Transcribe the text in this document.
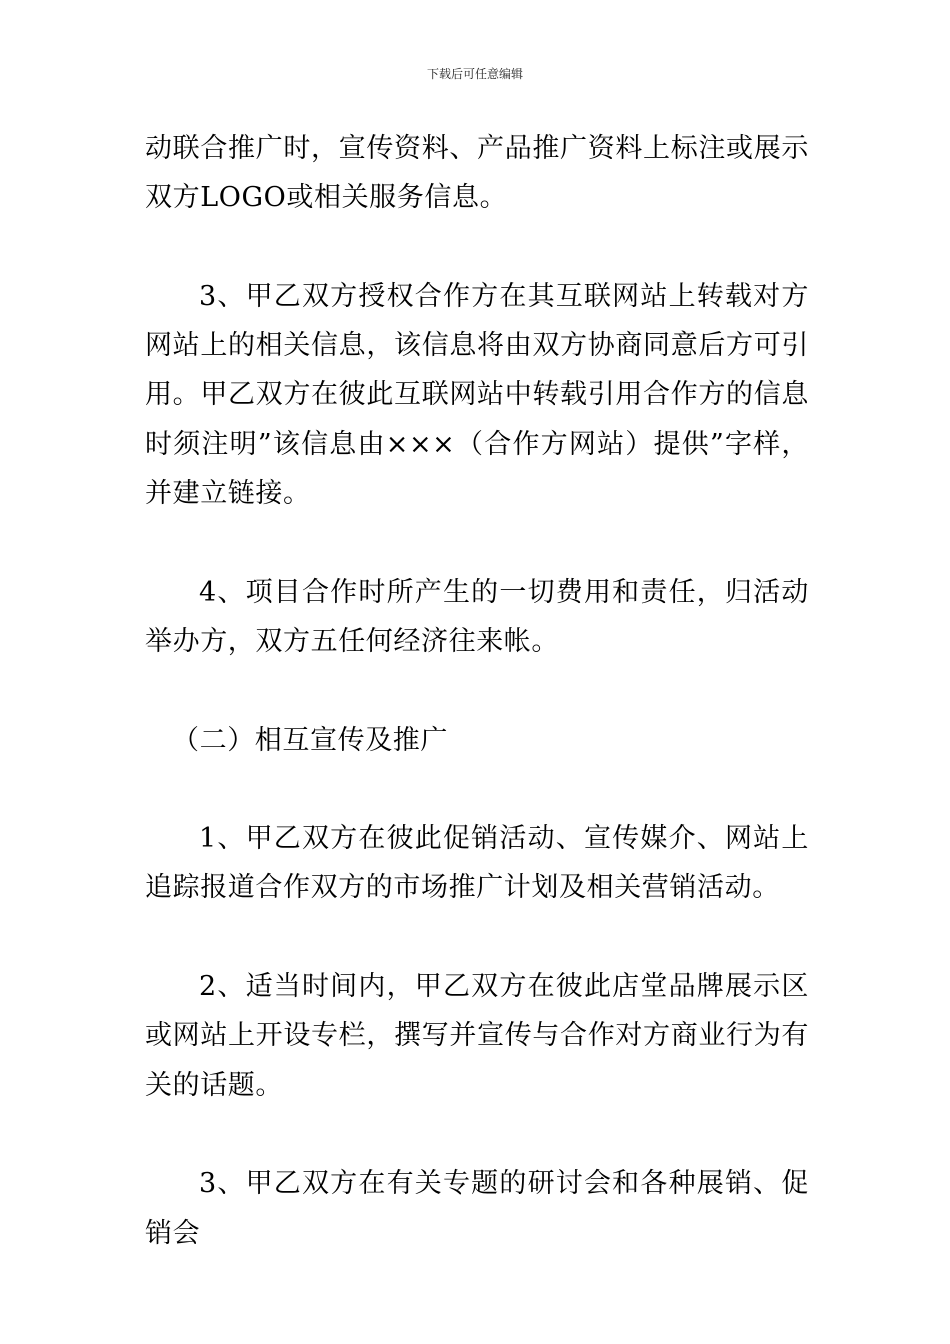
下载后可任意编辑

动联合推广时，宣传资料、产品推广资料上标注或展示双方LOGO或相关服务信息。

3、甲乙双方授权合作方在其互联网站上转载对方网站上的相关信息，该信息将由双方协商同意后方可引用。甲乙双方在彼此互联网站中转载引用合作方的信息时须注明”该信息由×××（合作方网站）提供”字样，并建立链接。

4、项目合作时所产生的一切费用和责任，归活动举办方，双方五任何经济往来帐。

（二）相互宣传及推广

1、甲乙双方在彼此促销活动、宣传媒介、网站上追踪报道合作双方的市场推广计划及相关营销活动。

2、适当时间内，甲乙双方在彼此店堂品牌展示区或网站上开设专栏，撰写并宣传与合作对方商业行为有关的话题。

3、甲乙双方在有关专题的研讨会和各种展销、促销会
